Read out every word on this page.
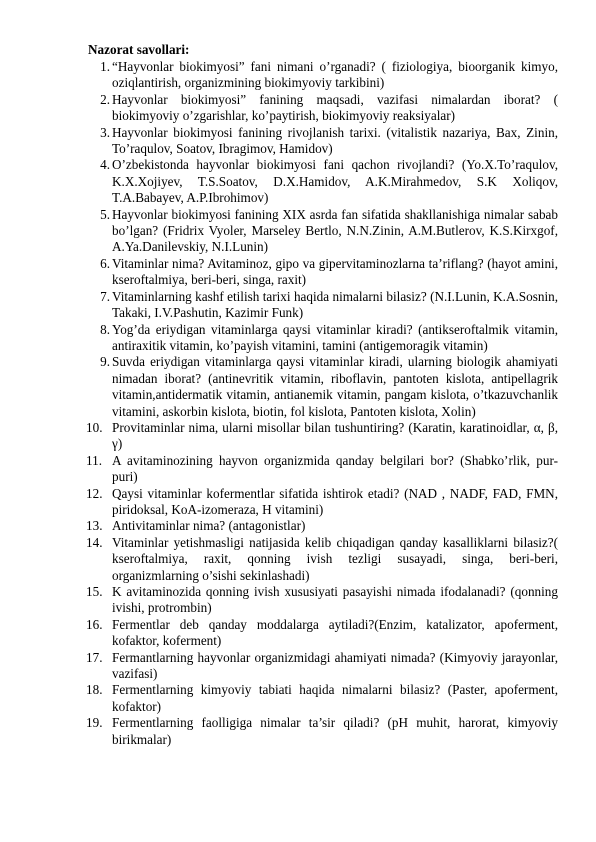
Nazorat savollari:
1. “Hayvonlar biokimyosi” fani nimani o’rganadi? ( fiziologiya, bioorganik kimyo, oziqlantirish, organizmining biokimyoviy tarkibini)
2. Hayvonlar biokimyosi” fanining maqsadi, vazifasi nimalardan iborat? ( biokimyoviy o’zgarishlar, ko’paytirish, biokimyoviy reaksiyalar)
3. Hayvonlar biokimyosi fanining rivojlanish tarixi. (vitalistik nazariya, Bax, Zinin, To’raqulov, Soatov, Ibragimov, Hamidov)
4. O’zbekistonda hayvonlar biokimyosi fani qachon rivojlandi? (Yo.X.To’raqulov, K.X.Xojiyev, T.S.Soatov, D.X.Hamidov, A.K.Mirahmedov, S.K Xoliqov, T.A.Babayev, A.P.Ibrohimov)
5. Hayvonlar biokimyosi fanining XIX asrda fan sifatida shakllanishiga nimalar sabab bo’lgan? (Fridrix Vyoler, Marseley Bertlo, N.N.Zinin, A.M.Butlerov, K.S.Kirxgof, A.Ya.Danilevskiy, N.I.Lunin)
6. Vitaminlar nima? Avitaminoz, gipo va gipervitaminozlarna ta’riflang? (hayot amini, kseroftalmiya, beri-beri, singa, raxit)
7. Vitaminlarning kashf etilish tarixi haqida nimalarni bilasiz? (N.I.Lunin, K.A.Sosnin, Takaki, I.V.Pashutin, Kazimir Funk)
8. Yog’da eriydigan vitaminlarga qaysi vitaminlar kiradi? (antikseroftalmik vitamin, antiraxitik vitamin, ko’payish vitamini, tamini (antigemoragik vitamin)
9. Suvda eriydigan vitaminlarga qaysi vitaminlar kiradi, ularning biologik ahamiyati nimadan iborat? (antinevritik vitamin, riboflavin, pantoten kislota, antipellagrik vitamin,antidermatik vitamin, antianemik vitamin, pangam kislota, o’tkazuvchanlik vitamini, askorbin kislota, biotin, fol kislota, Pantoten kislota, Xolin)
10. Provitaminlar nima, ularni misollar bilan tushuntiring? (Karatin, karatinoidlar, α, β, γ)
11. A avitaminozining hayvon organizmida qanday belgilari bor? (Shabko’rlik, pur-puri)
12. Qaysi vitaminlar kofermentlar sifatida ishtirok etadi? (NAD , NADF, FAD, FMN, piridoksal, KoA-izomeraza, H vitamini)
13. Antivitaminlar nima? (antagonistlar)
14. Vitaminlar yetishmasligi natijasida kelib chiqadigan qanday kasalliklarni bilasiz?( kseroftalmiya, raxit, qonning ivish tezligi susayadi, singa, beri-beri, organizmlarning o’sishi sekinlashadi)
15. K avitaminozida qonning ivish xususiyati pasayishi nimada ifodalanadi? (qonning ivishi, protrombin)
16. Fermentlar deb qanday moddalarga aytiladi?(Enzim, katalizator, apoferment, kofaktor, koferment)
17. Fermantlarning hayvonlar organizmidagi ahamiyati nimada? (Kimyoviy jarayonlar, vazifasi)
18. Fermentlarning kimyoviy tabiati haqida nimalarni bilasiz? (Paster, apoferment, kofaktor)
19. Fermentlarning faolligiga nimalar ta’sir qiladi? (pH muhit, harorat, kimyoviy birikmalar)
